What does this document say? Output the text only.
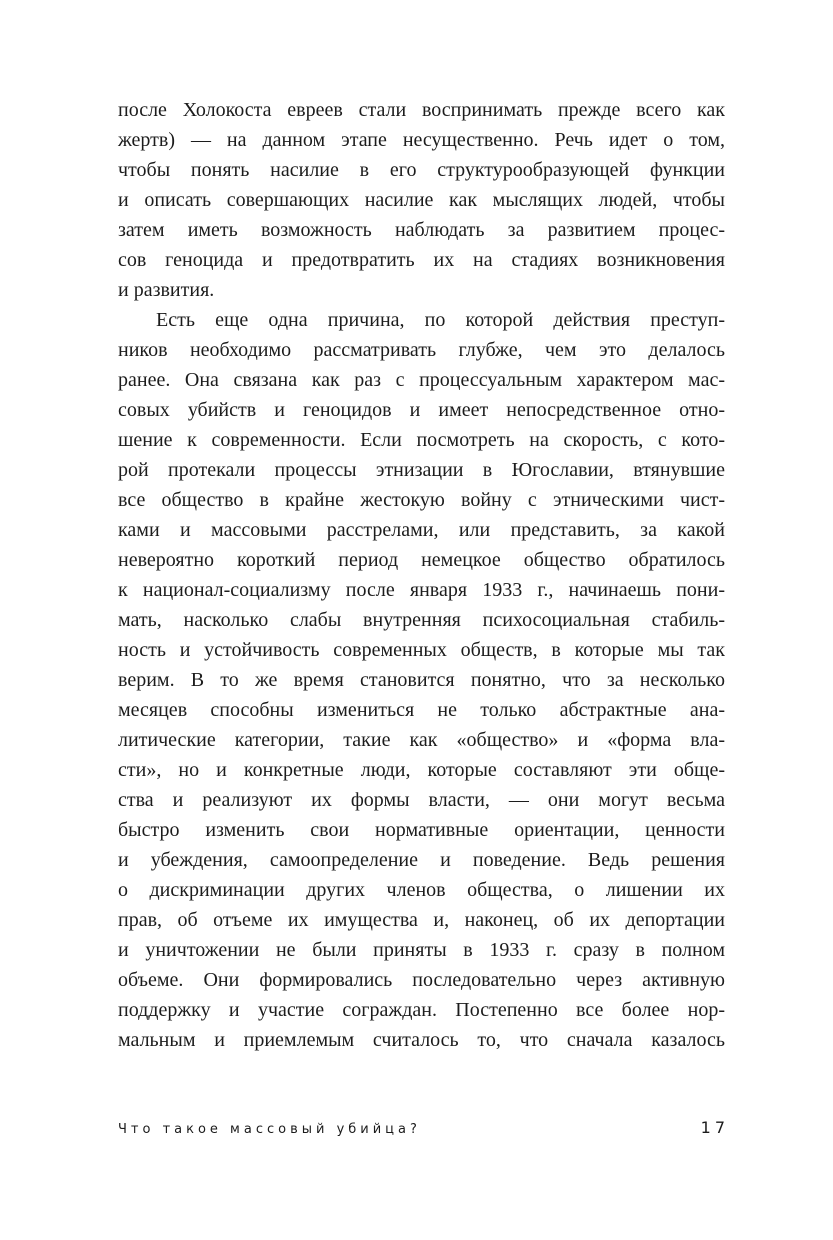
после Холокоста евреев стали воспринимать прежде всего как
жертв) — на данном этапе несущественно. Речь идет о том,
чтобы понять насилие в его структурообразующей функции
и описать совершающих насилие как мыслящих людей, чтобы
затем иметь возможность наблюдать за развитием процес-
сов геноцида и предотвратить их на стадиях возникновения
и развития.
Есть еще одна причина, по которой действия преступ-
ников необходимо рассматривать глубже, чем это делалось
ранее. Она связана как раз с процессуальным характером мас-
совых убийств и геноцидов и имеет непосредственное отно-
шение к современности. Если посмотреть на скорость, с кото-
рой протекали процессы этнизации в Югославии, втянувшие
все общество в крайне жестокую войну с этническими чист-
ками и массовыми расстрелами, или представить, за какой
невероятно короткий период немецкое общество обратилось
к национал-социализму после января 1933 г., начинаешь пони-
мать, насколько слабы внутренняя психосоциальная стабиль-
ность и устойчивость современных обществ, в которые мы так
верим. В то же время становится понятно, что за несколько
месяцев способны измениться не только абстрактные ана-
литические категории, такие как «общество» и «форма вла-
сти», но и конкретные люди, которые составляют эти обще-
ства и реализуют их формы власти, — они могут весьма
быстро изменить свои нормативные ориентации, ценности
и убеждения, самоопределение и поведение. Ведь решения
о дискриминации других членов общества, о лишении их
прав, об отъеме их имущества и, наконец, об их депортации
и уничтожении не были приняты в 1933 г. сразу в полном
объеме. Они формировались последовательно через активную
поддержку и участие сограждан. Постепенно все более нор-
мальным и приемлемым считалось то, что сначала казалось
Что такое массовый убийца?	17
